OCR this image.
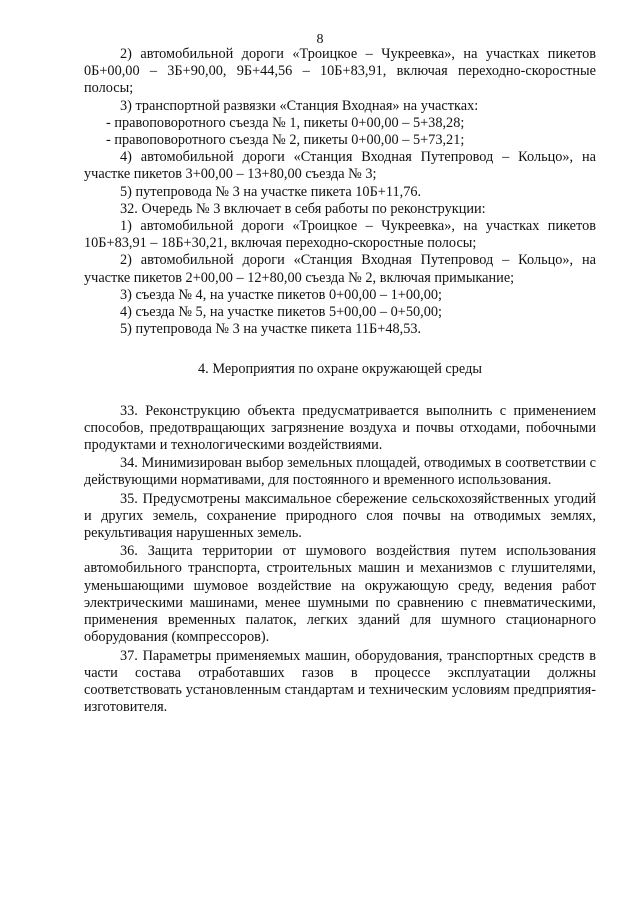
8

2) автомобильной дороги «Троицкое – Чукреевка», на участках пикетов 0Б+00,00 – 3Б+90,00, 9Б+44,56 – 10Б+83,91, включая переходно-скоростные полосы;

3) транспортной развязки «Станция Входная» на участках:

- правоповоротного съезда № 1, пикеты 0+00,00 – 5+38,28;

- правоповоротного съезда № 2, пикеты 0+00,00 – 5+73,21;

4) автомобильной дороги «Станция Входная Путепровод – Кольцо», на участке пикетов 3+00,00 – 13+80,00 съезда № 3;

5) путепровода № 3 на участке пикета 10Б+11,76.

32. Очередь № 3 включает в себя работы по реконструкции:

1) автомобильной дороги «Троицкое – Чукреевка», на участках пикетов 10Б+83,91 – 18Б+30,21, включая переходно-скоростные полосы;

2) автомобильной дороги «Станция Входная Путепровод – Кольцо», на участке пикетов 2+00,00 – 12+80,00 съезда № 2, включая примыкание;

3) съезда № 4, на участке пикетов 0+00,00 – 1+00,00;

4) съезда № 5, на участке пикетов 5+00,00 – 0+50,00;

5) путепровода № 3 на участке пикета 11Б+48,53.

4. Мероприятия по охране окружающей среды

33. Реконструкцию объекта предусматривается выполнить с применением способов, предотвращающих загрязнение воздуха и почвы отходами, побочными продуктами и технологическими воздействиями.

34. Минимизирован выбор земельных площадей, отводимых в соответствии с действующими нормативами, для постоянного и временного использования.

35. Предусмотрены максимальное сбережение сельскохозяйственных угодий и других земель, сохранение природного слоя почвы на отводимых землях, рекультивация нарушенных земель.

36. Защита территории от шумового воздействия путем использования автомобильного транспорта, строительных машин и механизмов с глушителями, уменьшающими шумовое воздействие на окружающую среду, ведения работ электрическими машинами, менее шумными по сравнению с пневматическими, применения временных палаток, легких зданий для шумного стационарного оборудования (компрессоров).

37. Параметры применяемых машин, оборудования, транспортных средств в части состава отработавших газов в процессе эксплуатации должны соответствовать установленным стандартам и техническим условиям предприятия-изготовителя.
